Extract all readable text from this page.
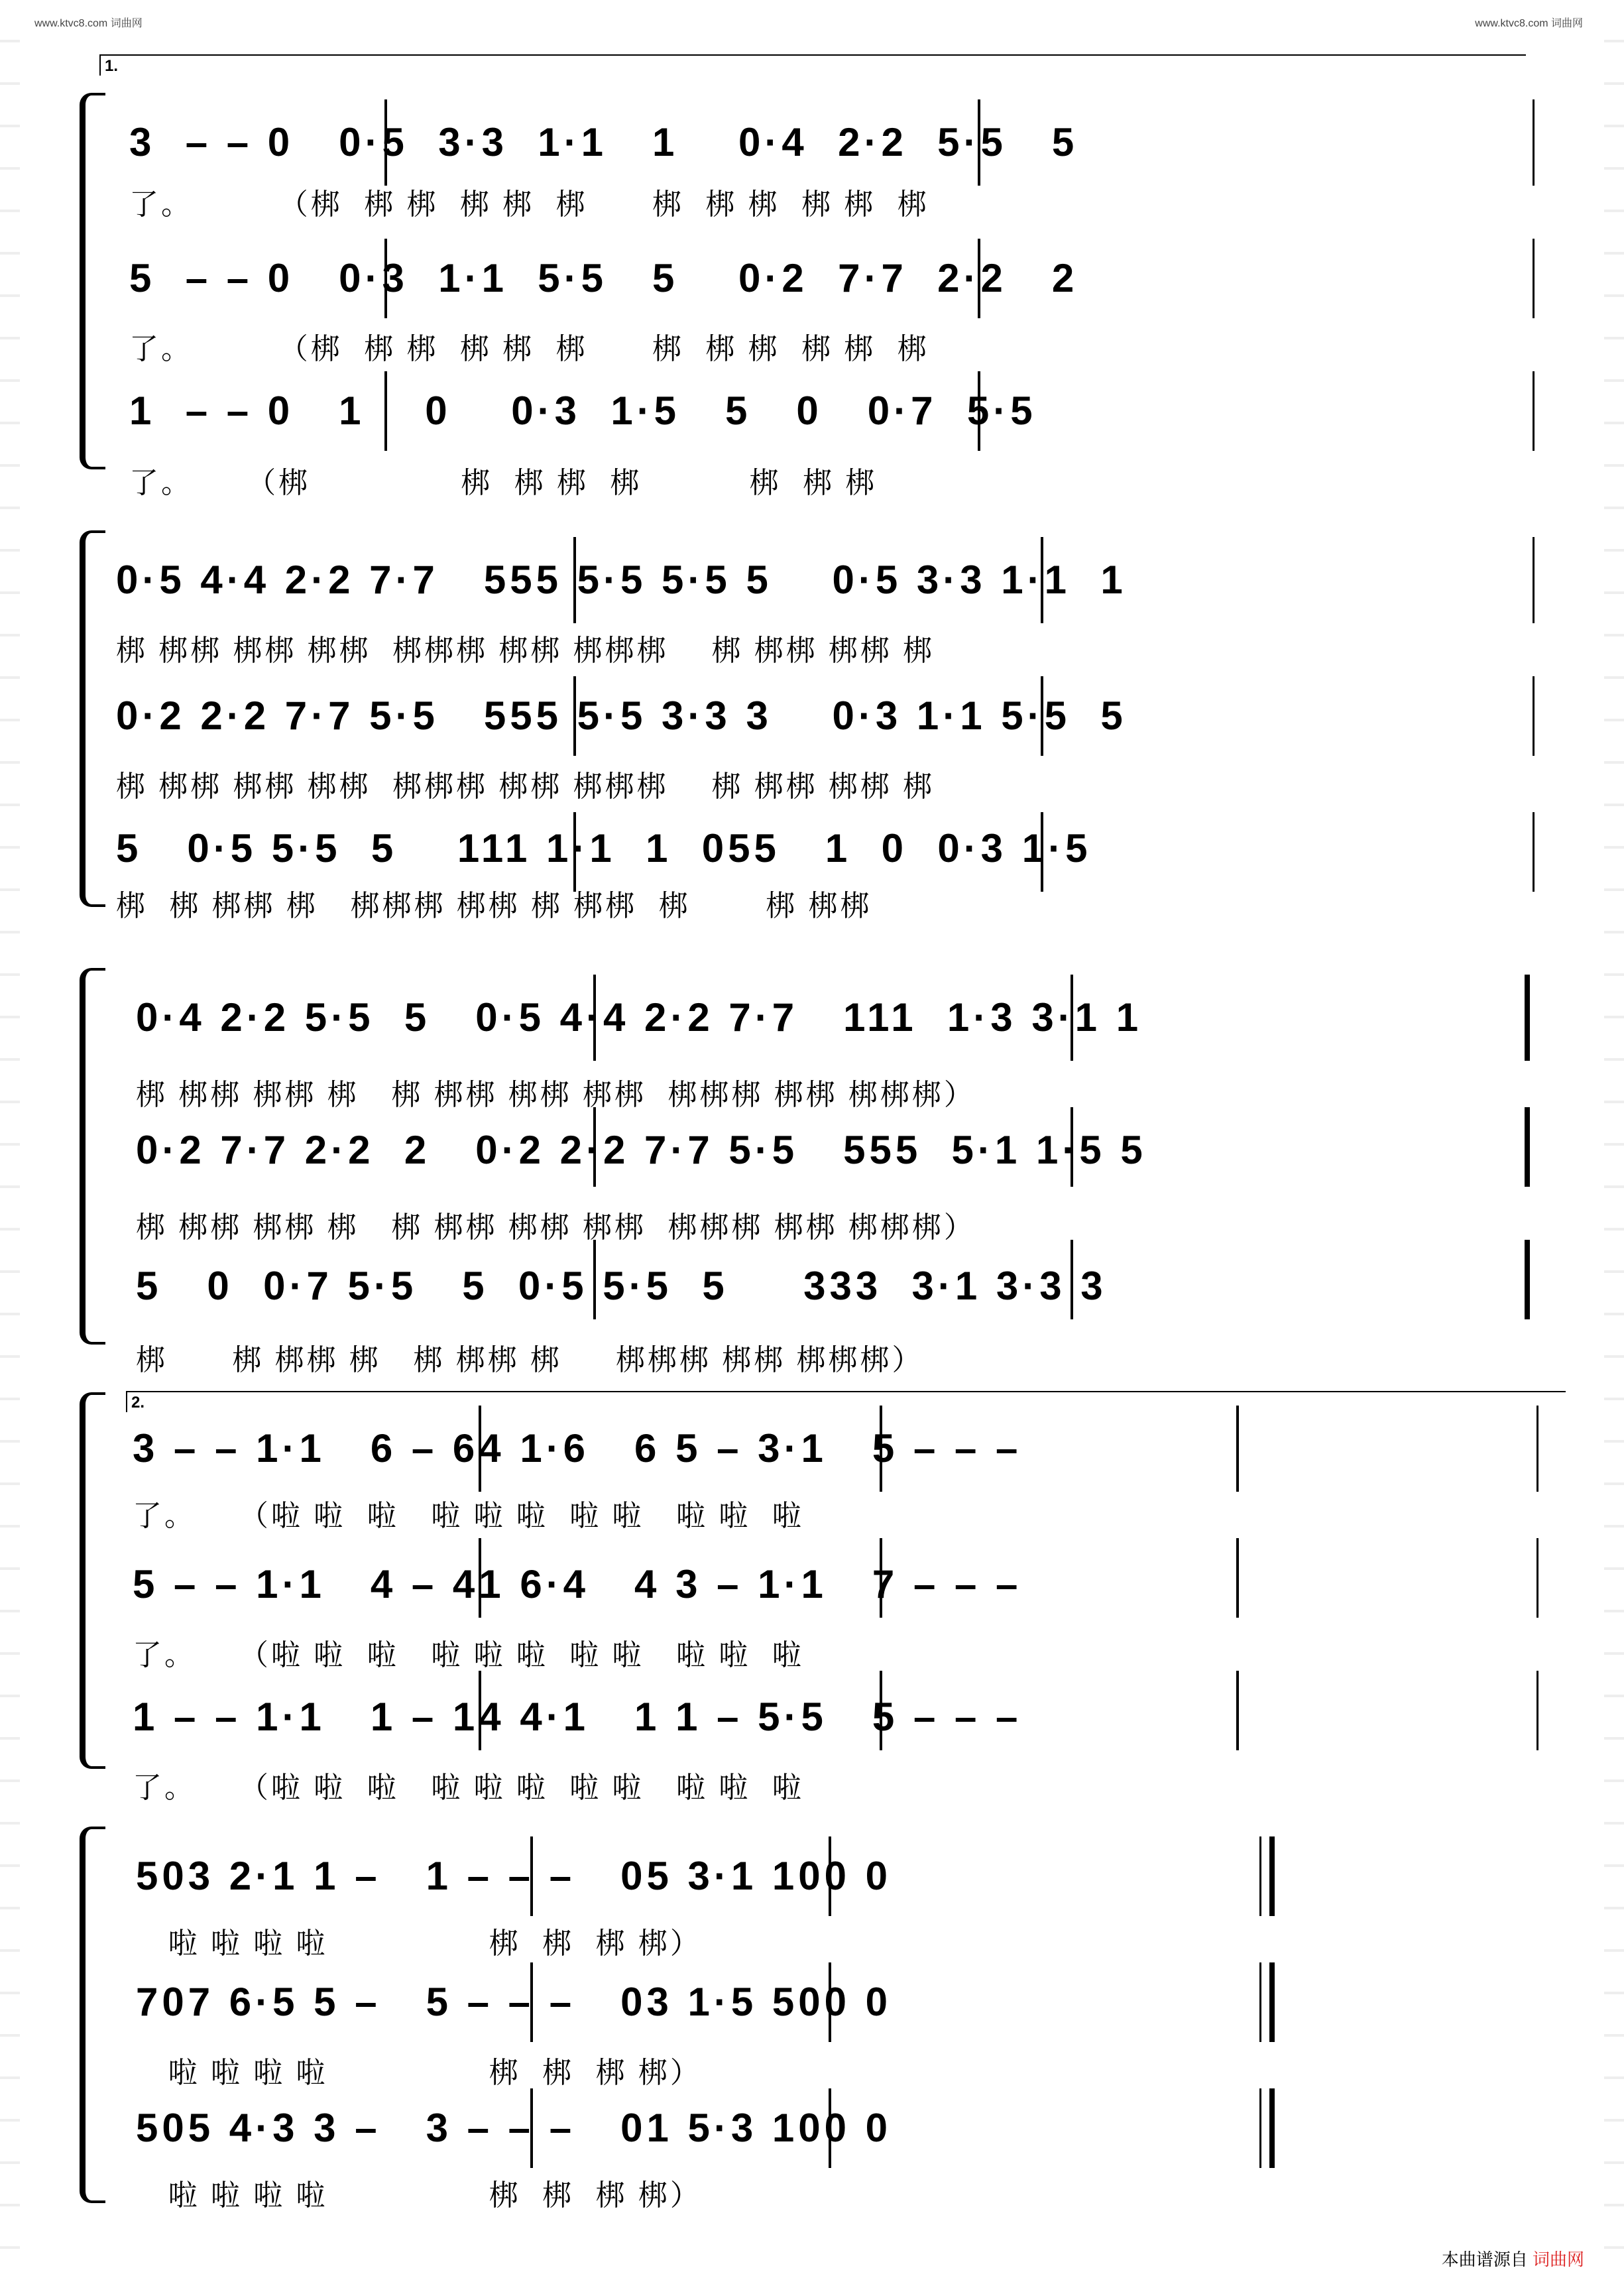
www.ktvc8.com 词曲网	www.ktvc8.com 词曲网
1.
3  – – 0   0·5  3·3  1·1   1    0·4  2·2  5·5   5
了。        （梆  梆 梆  梆 梆  梆      梆  梆 梆  梆 梆  梆
5  – – 0   0·3  1·1  5·5   5    0·2  7·7  2·2   2
了。        （梆  梆 梆  梆 梆  梆      梆  梆 梆  梆 梆  梆
1  – – 0   1    0    0·3  1·5   5   0   0·7  5·5
了。     （梆              梆  梆 梆  梆          梆  梆 梆
0·5 4·4 2·2 7·7   555 5·5 5·5 5    0·5 3·3 1·1  1
梆 梆梆 梆梆 梆梆  梆梆梆 梆梆 梆梆梆    梆 梆梆 梆梆 梆
0·2 2·2 7·7 5·5   555 5·5 3·3 3    0·3 1·1 5·5  5
梆 梆梆 梆梆 梆梆  梆梆梆 梆梆 梆梆梆    梆 梆梆 梆梆 梆
5   0·5 5·5  5    111 1·1  1  055   1  0  0·3 1·5
梆  梆 梆梆 梆   梆梆梆 梆梆 梆 梆梆  梆       梆 梆梆
0·4 2·2 5·5  5   0·5 4·4 2·2 7·7   111  1·3 3·1 1
梆 梆梆 梆梆 梆   梆 梆梆 梆梆 梆梆  梆梆梆 梆梆 梆梆梆）
0·2 7·7 2·2  2   0·2 2·2 7·7 5·5   555  5·1 1·5 5
梆 梆梆 梆梆 梆   梆 梆梆 梆梆 梆梆  梆梆梆 梆梆 梆梆梆）
5   0  0·7 5·5   5  0·5 5·5  5     333  3·1 3·3 3
梆      梆 梆梆 梆   梆 梆梆 梆     梆梆梆 梆梆 梆梆梆）
2.
3 – – 1·1   6 – 64 1·6   6 5 – 3·1   5 – – –
了。    （啦 啦  啦   啦 啦 啦  啦 啦   啦 啦  啦
5 – – 1·1   4 – 41 6·4   4 3 – 1·1   7 – – –
了。    （啦 啦  啦   啦 啦 啦  啦 啦   啦 啦  啦
1 – – 1·1   1 – 14 4·1   1 1 – 5·5   5 – – –
了。    （啦 啦  啦   啦 啦 啦  啦 啦   啦 啦  啦
503 2·1 1 –   1 – – –   05 3·1 100 0
啦 啦 啦 啦               梆  梆  梆 梆）
707 6·5 5 –   5 – – –   03 1·5 500 0
啦 啦 啦 啦               梆  梆  梆 梆）
505 4·3 3 –   3 – – –   01 5·3 100 0
啦 啦 啦 啦               梆  梆  梆 梆）
本曲谱源自 词曲网
